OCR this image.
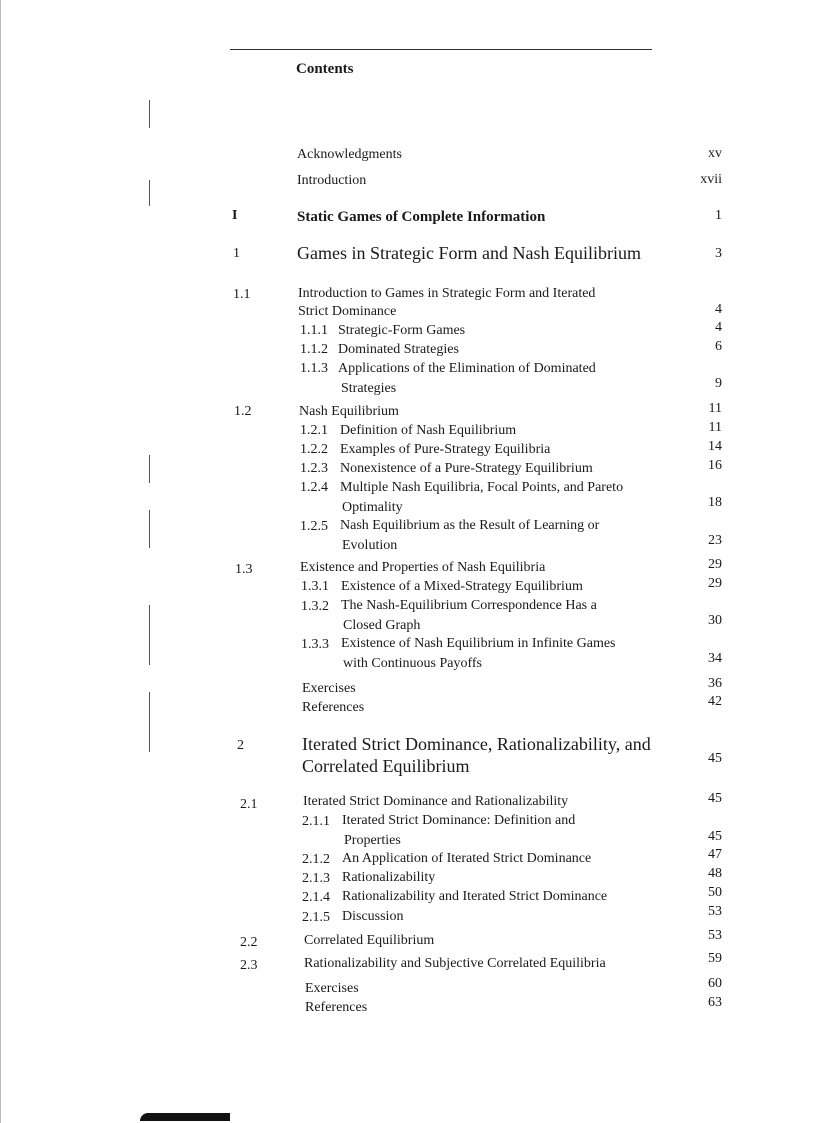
Contents
Acknowledgments	xv
Introduction	xvii
I	Static Games of Complete Information	1
1	Games in Strategic Form and Nash Equilibrium	3
1.1	Introduction to Games in Strategic Form and Iterated
Strict Dominance	4
1.1.1 Strategic-Form Games	4
1.1.2 Dominated Strategies	6
1.1.3 Applications of the Elimination of Dominated
Strategies	9
1.2	Nash Equilibrium	11
1.2.1 Definition of Nash Equilibrium	11
1.2.2 Examples of Pure-Strategy Equilibria	14
1.2.3 Nonexistence of a Pure-Strategy Equilibrium	16
1.2.4 Multiple Nash Equilibria, Focal Points, and Pareto
Optimality	18
1.2.5 Nash Equilibrium as the Result of Learning or
Evolution	23
1.3	Existence and Properties of Nash Equilibria	29
1.3.1 Existence of a Mixed-Strategy Equilibrium	29
1.3.2 The Nash-Equilibrium Correspondence Has a
Closed Graph	30
1.3.3 Existence of Nash Equilibrium in Infinite Games
with Continuous Payoffs	34
Exercises	36
References	42
2	Iterated Strict Dominance, Rationalizability, and
Correlated Equilibrium	45
2.1	Iterated Strict Dominance and Rationalizability	45
2.1.1 Iterated Strict Dominance: Definition and
Properties	45
2.1.2 An Application of Iterated Strict Dominance	47
2.1.3 Rationalizability	48
2.1.4 Rationalizability and Iterated Strict Dominance	50
2.1.5 Discussion	53
2.2	Correlated Equilibrium	53
2.3	Rationalizability and Subjective Correlated Equilibria	59
Exercises	60
References	63
